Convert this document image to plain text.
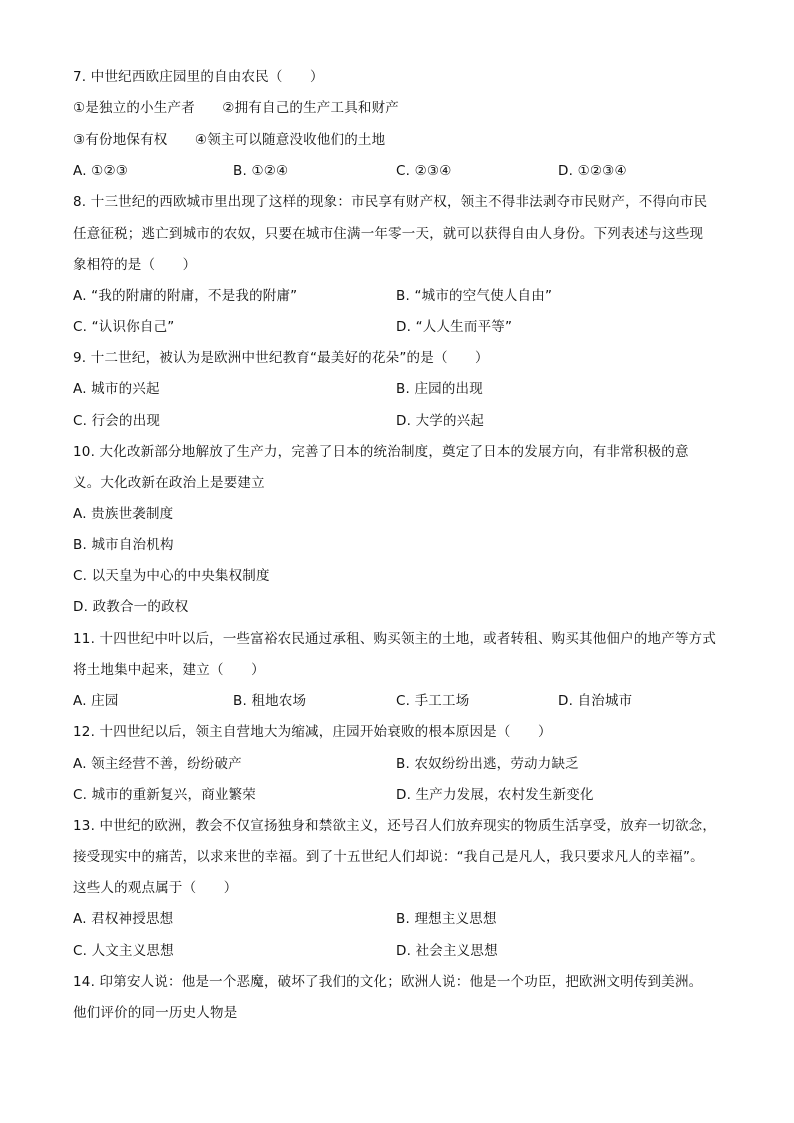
7. 中世纪西欧庄园里的自由农民（　　）
①是独立的小生产者　　②拥有自己的生产工具和财产
③有份地保有权　　④领主可以随意没收他们的土地
A. ①②③	B. ①②④	C. ②③④	D. ①②③④
8. 十三世纪的西欧城市里出现了这样的现象：市民享有财产权，领主不得非法剥夺市民财产，不得向市民
任意征税；逃亡到城市的农奴，只要在城市住满一年零一天，就可以获得自由人身份。下列表述与这些现
象相符的是（　　）
A. “我的附庸的附庸，不是我的附庸”	B. “城市的空气使人自由”
C. “认识你自己”	D. “人人生而平等”
9. 十二世纪，被认为是欧洲中世纪教育“最美好的花朵”的是（　　）
A. 城市的兴起	B. 庄园的出现
C. 行会的出现	D. 大学的兴起
10. 大化改新部分地解放了生产力，完善了日本的统治制度，奠定了日本的发展方向，有非常积极的意
义。大化改新在政治上是要建立
A. 贵族世袭制度
B. 城市自治机构
C. 以天皇为中心的中央集权制度
D. 政教合一的政权
11. 十四世纪中叶以后，一些富裕农民通过承租、购买领主的土地，或者转租、购买其他佃户的地产等方式
将土地集中起来，建立（　　）
A. 庄园	B. 租地农场	C. 手工工场	D. 自治城市
12. 十四世纪以后，领主自营地大为缩减，庄园开始衰败的根本原因是（　　）
A. 领主经营不善，纷纷破产	B. 农奴纷纷出逃，劳动力缺乏
C. 城市的重新复兴，商业繁荣	D. 生产力发展，农村发生新变化
13. 中世纪的欧洲，教会不仅宣扬独身和禁欲主义，还号召人们放弃现实的物质生活享受，放弃一切欲念，
接受现实中的痛苦，以求来世的幸福。到了十五世纪人们却说：“我自己是凡人，我只要求凡人的幸福”。
这些人的观点属于（　　）
A. 君权神授思想	B. 理想主义思想
C. 人文主义思想	D. 社会主义思想
14. 印第安人说：他是一个恶魔，破坏了我们的文化；欧洲人说：他是一个功臣，把欧洲文明传到美洲。
他们评价的同一历史人物是
